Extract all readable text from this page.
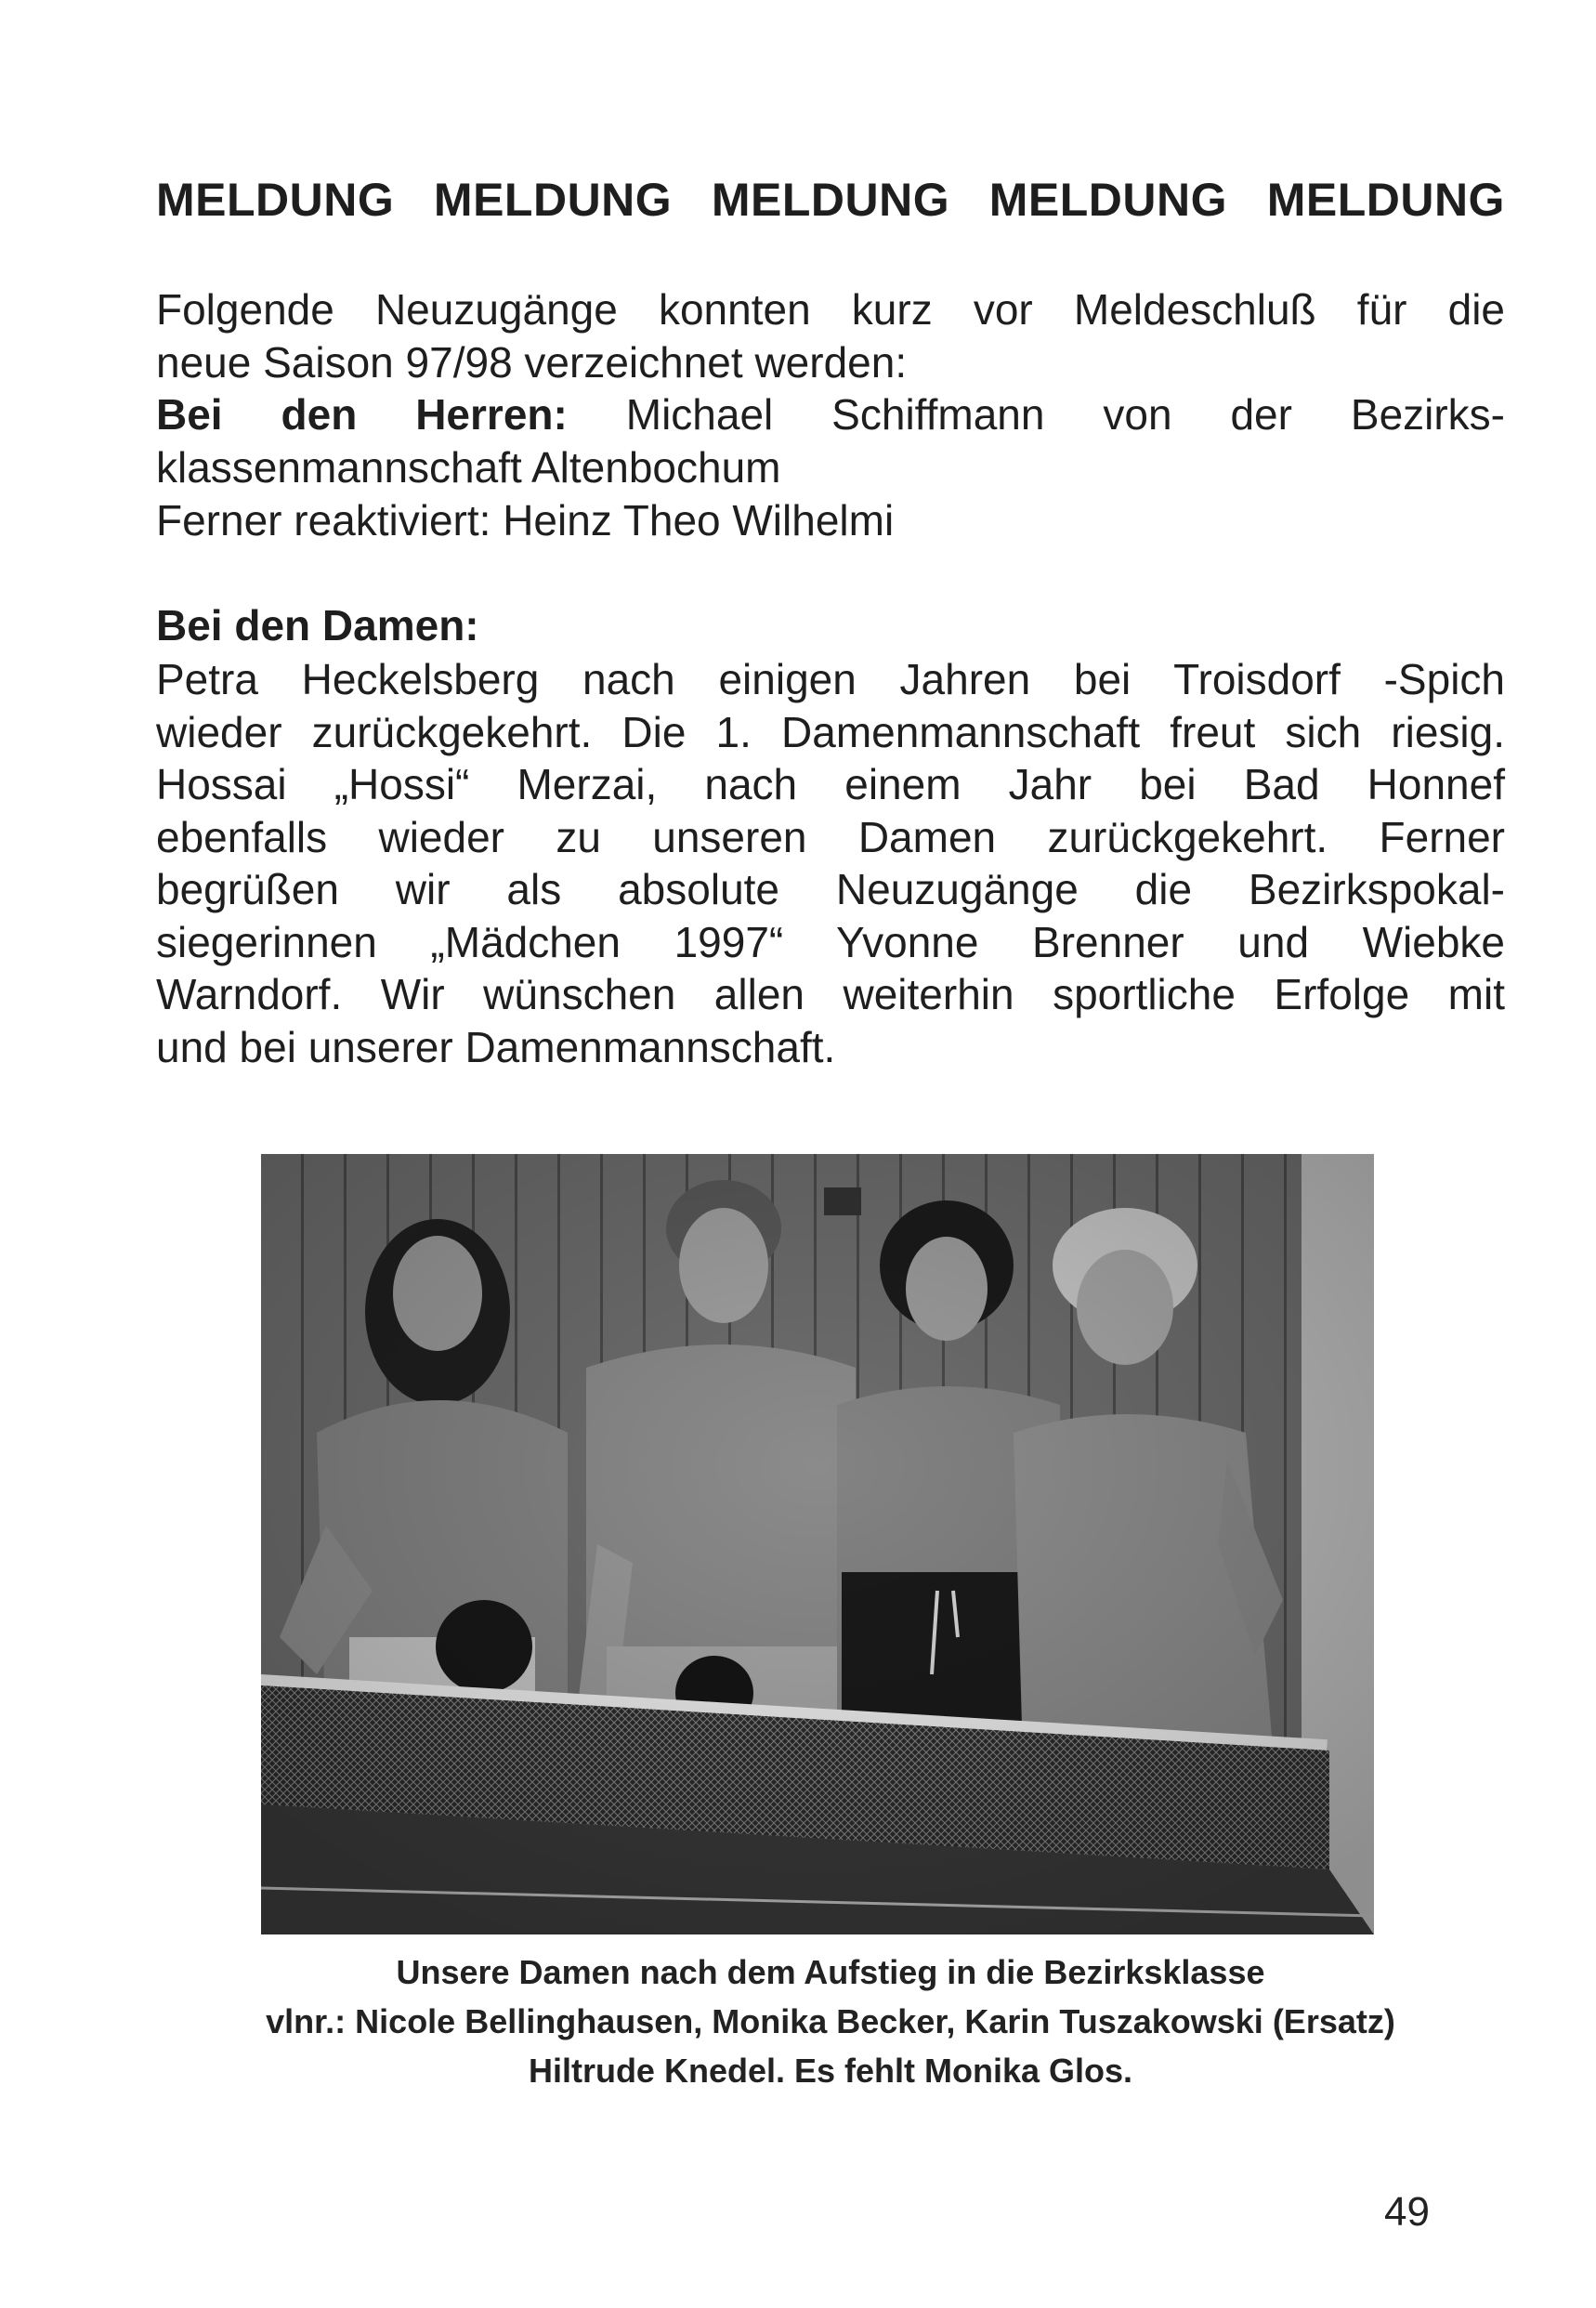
MELDUNG MELDUNG MELDUNG MELDUNG MELDUNG
Folgende Neuzugänge konnten kurz vor Meldeschluß für die
neue Saison 97/98 verzeichnet werden:
Bei den Herren: Michael Schiffmann von der Bezirks-
klassenmannschaft Altenbochum
Ferner reaktiviert: Heinz Theo Wilhelmi
Bei den Damen:
Petra Heckelsberg nach einigen Jahren bei Troisdorf -Spich
wieder zurückgekehrt. Die 1. Damenmannschaft freut sich riesig.
Hossai „Hossi“ Merzai, nach einem Jahr bei Bad Honnef
ebenfalls wieder zu unseren Damen zurückgekehrt. Ferner
begrüßen wir als absolute Neuzugänge die Bezirkspokal-
siegerinnen „Mädchen 1997“ Yvonne Brenner und Wiebke
Warndorf. Wir wünschen allen weiterhin sportliche Erfolge mit
und bei unserer Damenmannschaft.
Unsere Damen nach dem Aufstieg in die Bezirksklasse
vlnr.: Nicole Bellinghausen, Monika Becker, Karin Tuszakowski (Ersatz)
Hiltrude Knedel. Es fehlt Monika Glos.
49
